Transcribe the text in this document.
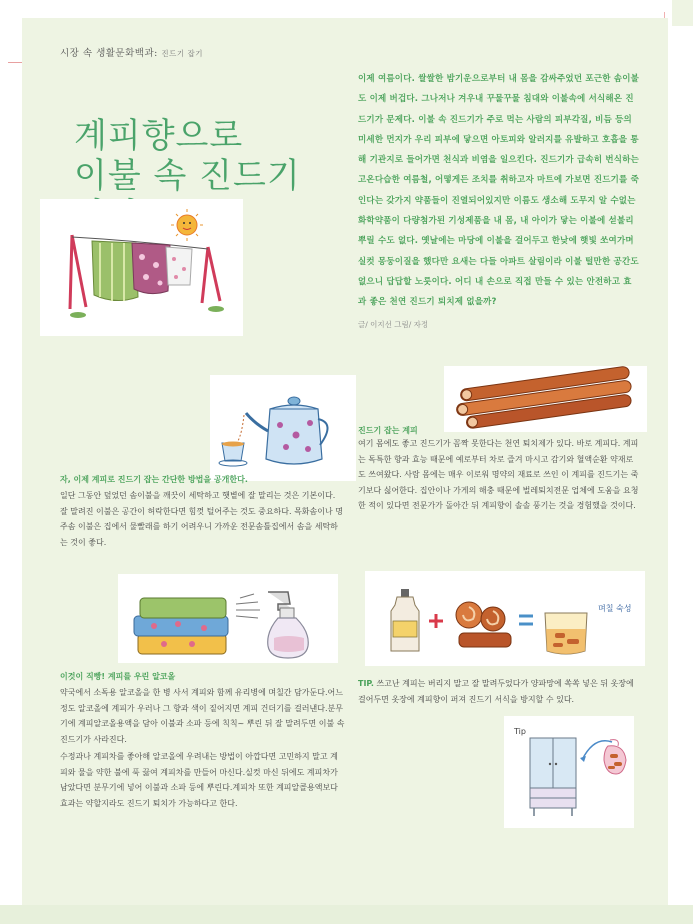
시장 속 생활문화백과: 진드기 잡기
계피향으로
이불 속 진드기

이제 여름이다. 쌀쌀한 밤기운으로부터 내 몸을 감싸주었던 포근한 솜이불도 이제 버겁다. 그나저나 겨우내 꾸물꾸물 침대와 이불속에 서식해온 진드기가 문제다. 이불 속 진드기가 주로 먹는 사람의 피부각질, 비듬 등의 미세한 먼지가 우리 피부에 닿으면 아토피와 알러지를 유발하고 호흡을 통해 기관지로 들어가면 천식과 비염을 일으킨다. 진드기가 급속히 번식하는 고온다습한 여름철, 어떻게든 조치를 취하고자 마트에 가보면 진드기를 죽인다는 갖가지 약품들이 진열되어있지만 이름도 생소해 도무지 알 수없는 화학약품이 다량첨가된 기성제품을 내 몸, 내 아이가 닿는 이불에 섣불리 뿌릴 수도 없다. 옛날에는 마당에 이불을 걸어두고 한낮에 햇빛 쏘여가며 실컷 몽둥이질을 했다만 요새는 다들 아파트 살림이라 이불 털만한 공간도 없으니 답답할 노릇이다. 어디 내 손으로 직접 만들 수 있는 안전하고 효과 좋은 천연 진드기 퇴치제 없을까?

글/ 이지선 그림/ 자정
진드기 잡는 계피

여기 몸에도 좋고 진드기가 꼼짝 못한다는 천연 퇴치제가 있다. 바로 계피다. 계피는 독특한 향과 효능 때문에 예로부터 차로 즐겨 마시고 감기와 혈액순환 약재로도 쓰여왔다. 사람 몸에는 매우 이로워 명약의 재료로 쓰인 이 계피를 진드기는 죽기보다 싫어한다. 집안이나 가게의 해충 때문에 벌레퇴치전문 업체에 도움을 요청한 적이 있다면 전문가가 돌아간 뒤 계피향이 솔솔 풍기는 것을 경험했을 것이다.

자, 이제 계피로 진드기 잡는 간단한 방법을 공개한다.

일단 그동안 덮었던 솜이불을 깨끗이 세탁하고 햇볕에 잘 말리는 것은 기본이다. 잘 말려진 이불은 공간이 허락한다면 힘껏 털어주는 것도 중요하다. 목화솜이나 명주솜 이불은 집에서 물빨래를 하기 어려우니 가까운 전문솜틀집에서 솜을 세탁하는 것이 좋다.

며칠 숙성
이것이 직빵! 계피를 우린 알코올

약국에서 소독용 알코올을 한 병 사서 계피와 함께 유리병에 며칠간 담가둔다.어느 정도 알코올에 계피가 우러나 그 향과 색이 짙어지면 계피 건더기를 걸러낸다.분무기에 계피알코올용액을 담아 이불과 소파 등에 칙칙~ 뿌린 뒤 잘 말려두면 이불 속 진드기가 사라진다.

수정과나 계피차를 좋아해 알코올에 우려내는 방법이 아깝다면 고민하지 말고 계피와 물을 약한 불에 푹 끓여 계피차를 만들어 마신다.실컷 마신 뒤에도 계피차가 남았다면 분무기에 넣어 이불과 소파 등에 뿌린다.계피차 또한 계피알콜용액보다 효과는 약할지라도 진드기 퇴치가 가능하다고 한다.

TIP. 쓰고난 계피는 버리지 말고 잘 말려두었다가 양파망에 쏙쏙 넣은 뒤 옷장에 걸어두면 옷장에 계피향이 퍼져 진드기 서식을 방지할 수 있다.

Tip
